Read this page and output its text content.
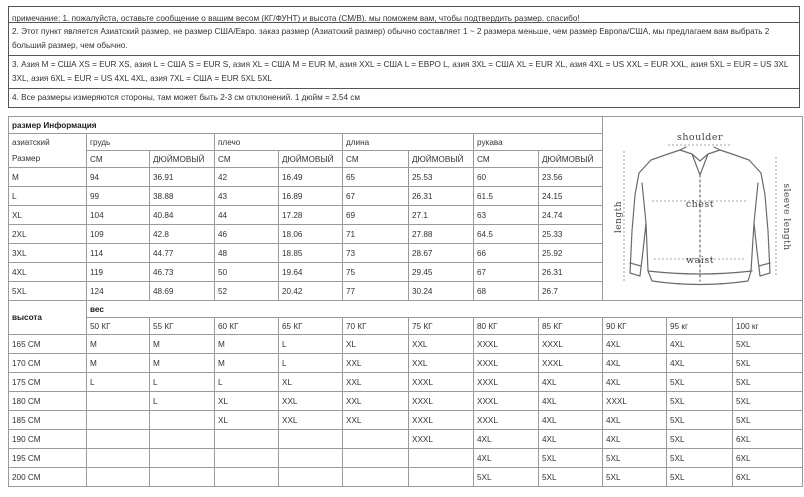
примечание: 1. пожалуйста, оставьте сообщение о вашим весом (КГ/ФУНТ) и высота (СМ/В). мы поможем вам, чтобы подтвердить размер. спасибо!
2. Этот пункт является Азиатский размер, не размер США/Евро. заказ размер (Азиатский размер) обычно составляет 1 ~ 2 размера меньше, чем размер Европа/США, мы предлагаем вам выбрать 2 больший размер, чем обычно.
3. Азия М = США XS = EUR XS, азия L = США S = EUR S, азия XL = США M = EUR M, азия XXL = США L = ЕВРО L, азия 3XL = США XL = EUR XL, азия 4XL = US XXL = EUR XXL, азия 5XL = EUR = US 3XL 3XL, азия 6XL = EUR = US 4XL 4XL, азия 7XL = США = EUR 5XL 5XL
4. Все размеры измеряются стороны, там может быть 2-3 см отклонений. 1 дюйм = 2.54 см
размер Информация									shoulder
chest
waist
length sleeve length		

азиатский
Размер	грудь		плечо		длина		рукава				
	СМ	ДЮЙМОВЫЙ	СМ	ДЮЙМОВЫЙ	СМ	ДЮЙМОВЫЙ	СМ	ДЮЙМОВЫЙ			
M	94	36.91	42	16.49	65	25.53	60	23.56			
L	99	38.88	43	16.89	67	26.31	61.5	24.15			
XL	104	40.84	44	17.28	69	27.1	63	24.74			
2XL	109	42.8	46	18.06	71	27.88	64.5	25.33			
3XL	114	44.77	48	18.85	73	28.67	66	25.92			
4XL	119	46.73	50	19.64	75	29.45	67	26.31			
5XL	124	48.69	52	20.42	77	30.24	68	26.7			
высота	вес										
	50 КГ	55 КГ	60 КГ	65 КГ	70 КГ	75 КГ	80 КГ	85 КГ	90 КГ	95 кг	100 кг
165 СМ	M	M	M	L	XL	XXL	XXXL	XXXL	4XL	4XL	5XL
170 СМ	M	M	M	L	XXL	XXL	XXXL	XXXL	4XL	4XL	5XL
175 СМ	L	L	L	XL	XXL	XXXL	XXXL	4XL	4XL	5XL	5XL
180 СМ		L	XL	XXL	XXL	XXXL	XXXL	4XL	XXXL	5XL	5XL
185 СМ			XL	XXL	XXL	XXXL	XXXL	4XL	4XL	5XL	5XL
190 СМ						XXXL	4XL	4XL	4XL	5XL	6XL
195 СМ							4XL	5XL	5XL	5XL	6XL
200 СМ							5XL	5XL	5XL	5XL	6XL
